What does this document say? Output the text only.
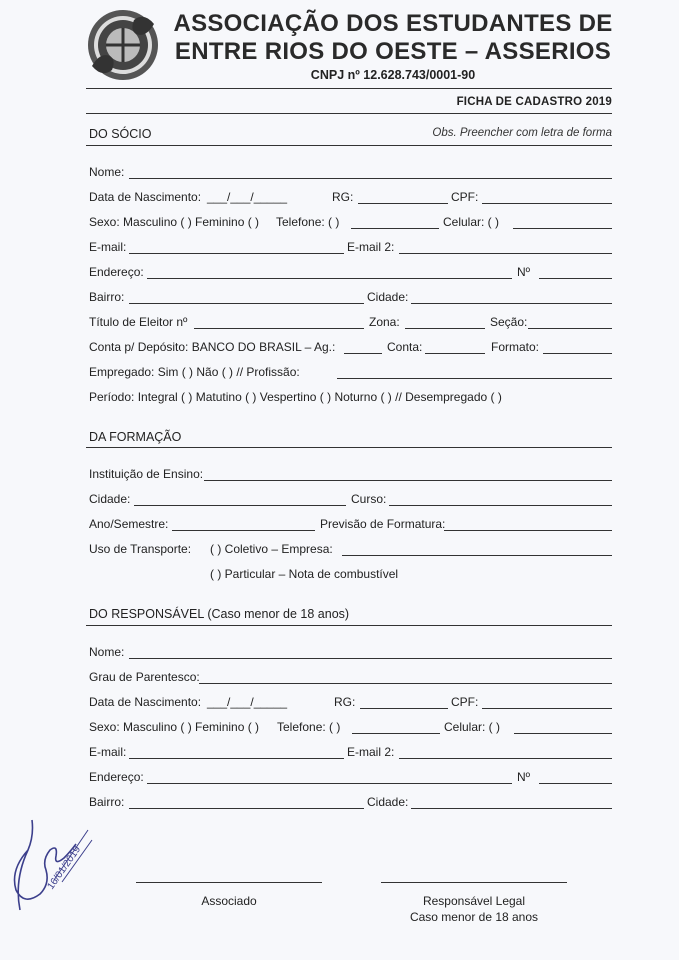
ASSOCIAÇÃO DOS ESTUDANTES DE
ENTRE RIOS DO OESTE – ASSERIOS
CNPJ nº 12.628.743/0001-90
FICHA DE CADASTRO 2019
DO SÓCIO	Obs. Preencher com letra de forma
Nome:
Data de Nascimento: ___/___/_____	RG:	CPF:
Sexo: Masculino ( ) Feminino ( ) Telefone: ( )	Celular: ( )
E-mail:	E-mail 2:
Endereço:	Nº
Bairro:	Cidade:
Título de Eleitor nº	Zona:	Seção:
Conta p/ Depósito: BANCO DO BRASIL – Ag.:	Conta:	Formato:
Empregado: Sim ( ) Não ( ) // Profissão:
Período: Integral ( ) Matutino ( ) Vespertino ( ) Noturno ( ) // Desempregado ( )
DA FORMAÇÃO
Instituição de Ensino:
Cidade:	Curso:
Ano/Semestre:	Previsão de Formatura:
Uso de Transporte: ( ) Coletivo – Empresa:
( ) Particular – Nota de combustível
DO RESPONSÁVEL (Caso menor de 18 anos)
Nome:
Grau de Parentesco:
Data de Nascimento: ___/___/_____	RG:	CPF:
Sexo: Masculino ( ) Feminino ( ) Telefone: ( )	Celular: ( )
E-mail:	E-mail 2:
Endereço:	Nº
Bairro:	Cidade:
16/01/2019
Associado	Responsável Legal
Caso menor de 18 anos
